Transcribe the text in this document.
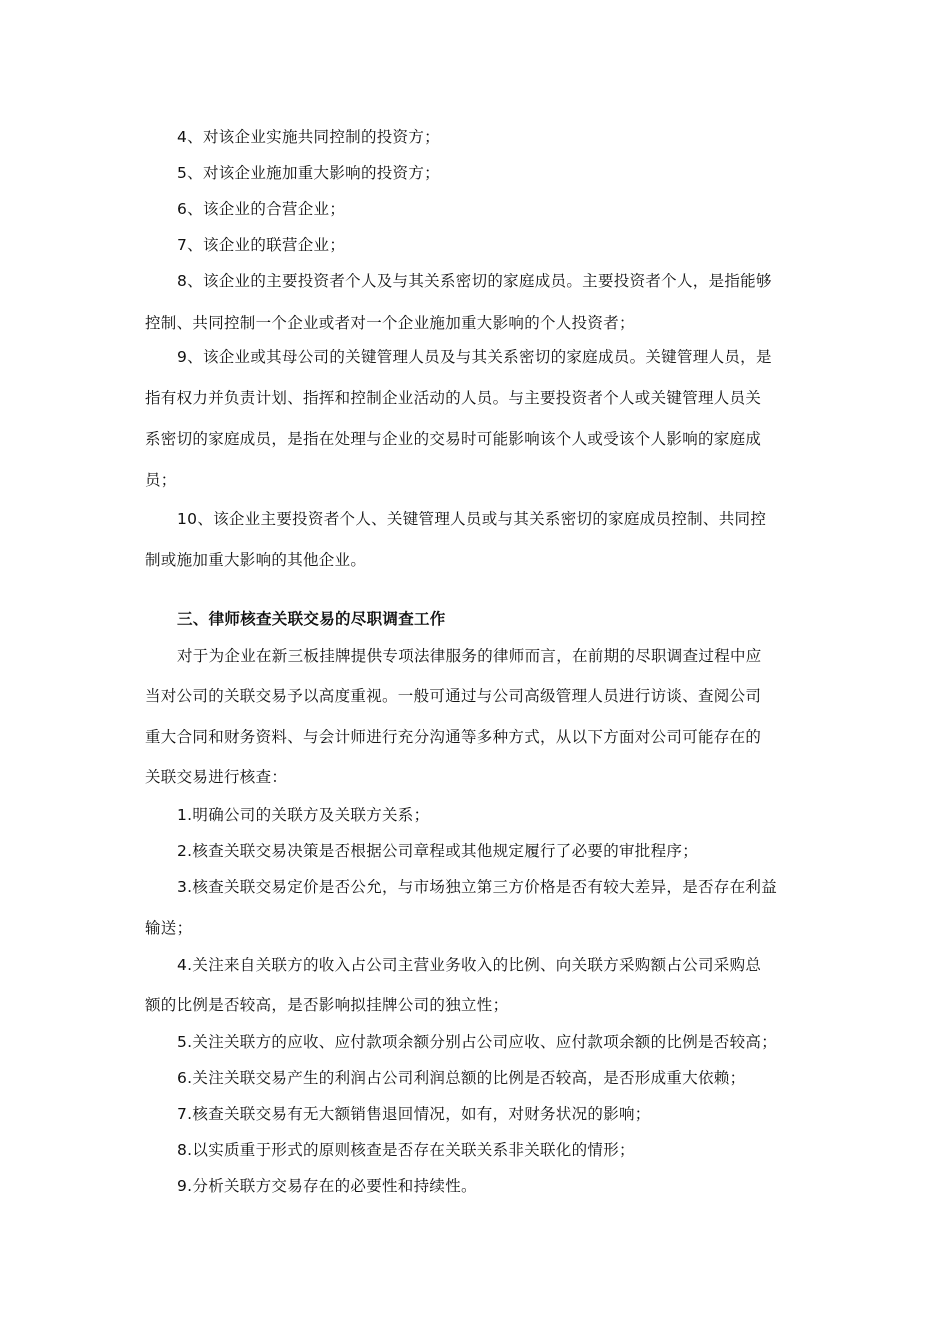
4、对该企业实施共同控制的投资方；
5、对该企业施加重大影响的投资方；
6、该企业的合营企业；
7、该企业的联营企业；
8、该企业的主要投资者个人及与其关系密切的家庭成员。主要投资者个人，是指能够
控制、共同控制一个企业或者对一个企业施加重大影响的个人投资者；
9、该企业或其母公司的关键管理人员及与其关系密切的家庭成员。关键管理人员，是
指有权力并负责计划、指挥和控制企业活动的人员。与主要投资者个人或关键管理人员关
系密切的家庭成员，是指在处理与企业的交易时可能影响该个人或受该个人影响的家庭成
员；
10、该企业主要投资者个人、关键管理人员或与其关系密切的家庭成员控制、共同控
制或施加重大影响的其他企业。
三、律师核查关联交易的尽职调查工作
对于为企业在新三板挂牌提供专项法律服务的律师而言，在前期的尽职调查过程中应
当对公司的关联交易予以高度重视。一般可通过与公司高级管理人员进行访谈、查阅公司
重大合同和财务资料、与会计师进行充分沟通等多种方式，从以下方面对公司可能存在的
关联交易进行核查：
1.明确公司的关联方及关联方关系；
2.核查关联交易决策是否根据公司章程或其他规定履行了必要的审批程序；
3.核查关联交易定价是否公允，与市场独立第三方价格是否有较大差异，是否存在利益
输送；
4.关注来自关联方的收入占公司主营业务收入的比例、向关联方采购额占公司采购总
额的比例是否较高，是否影响拟挂牌公司的独立性；
5.关注关联方的应收、应付款项余额分别占公司应收、应付款项余额的比例是否较高；
6.关注关联交易产生的利润占公司利润总额的比例是否较高，是否形成重大依赖；
7.核查关联交易有无大额销售退回情况，如有，对财务状况的影响；
8.以实质重于形式的原则核查是否存在关联关系非关联化的情形；
9.分析关联方交易存在的必要性和持续性。
